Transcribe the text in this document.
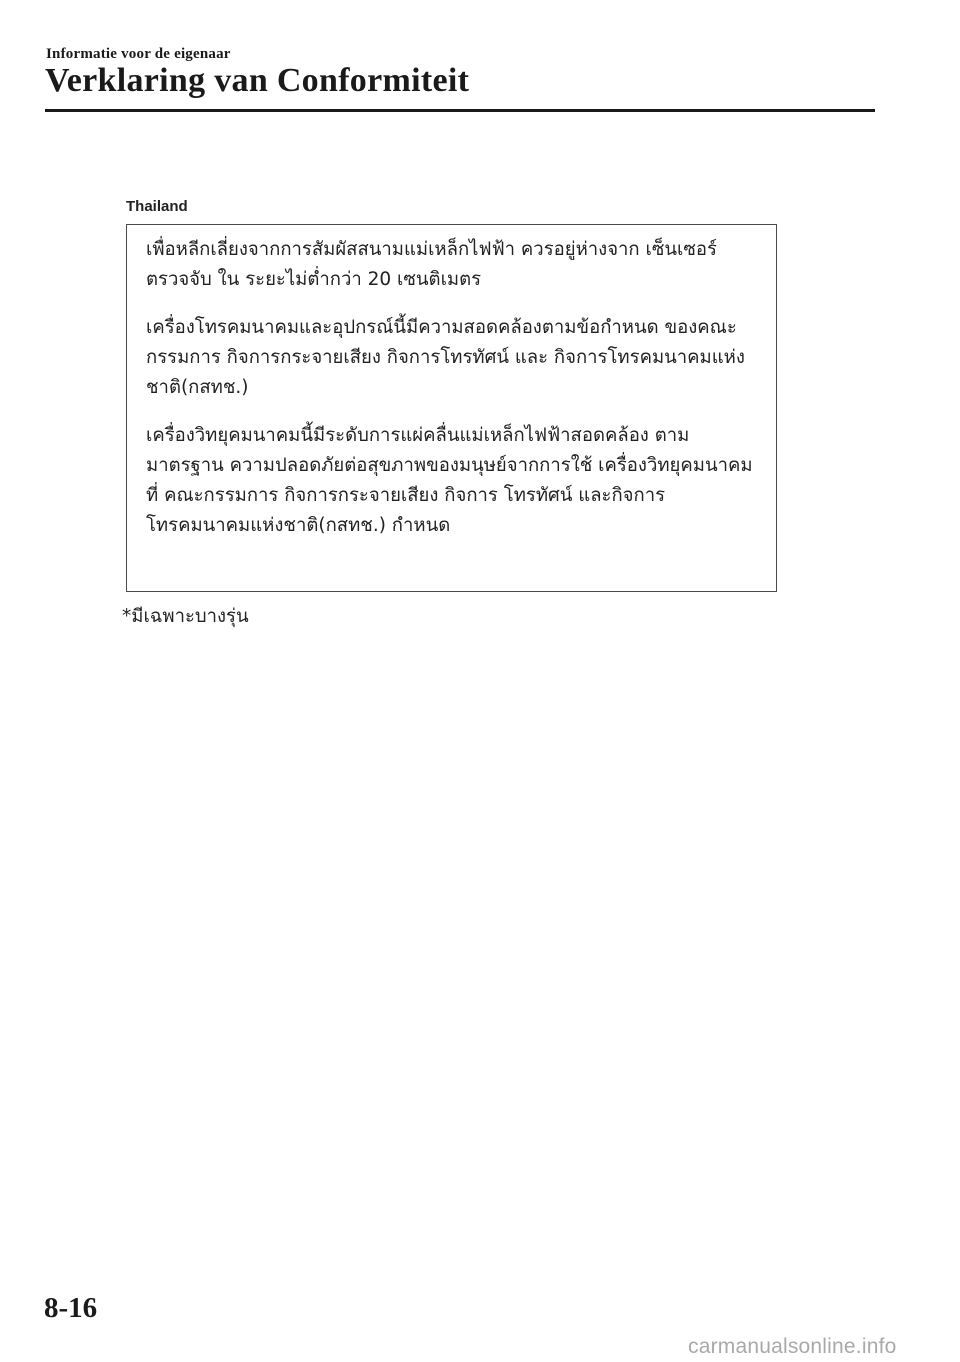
Informatie voor de eigenaar
Verklaring van Conformiteit
Thailand

เพื่อหลีกเลี่ยงจากการสัมผัสสนามแม่เหล็กไฟฟ้า ควรอยู่ห่างจาก เซ็นเซอร์ตรวจจับ ใน ระยะไม่ต่ำกว่า 20 เซนติเมตร

เครื่องโทรคมนาคมและอุปกรณ์นี้มีความสอดคล้องตามข้อกำหนด ของคณะกรรมการ กิจการกระจายเสียง กิจการโทรทัศน์ และ กิจการโทรคมนาคมแห่งชาติ(กสทช.)

เครื่องวิทยุคมนาคมนี้มีระดับการแผ่คลื่นแม่เหล็กไฟฟ้าสอดคล้อง ตามมาตรฐาน ความปลอดภัยต่อสุขภาพของมนุษย์จากการใช้ เครื่องวิทยุคมนาคมที่ คณะกรรมการ กิจการกระจายเสียง กิจการ โทรทัศน์ และกิจการโทรคมนาคมแห่งชาติ(กสทช.) กำหนด

*มีเฉพาะบางรุ่น
8-16
carmanualsonline.info
